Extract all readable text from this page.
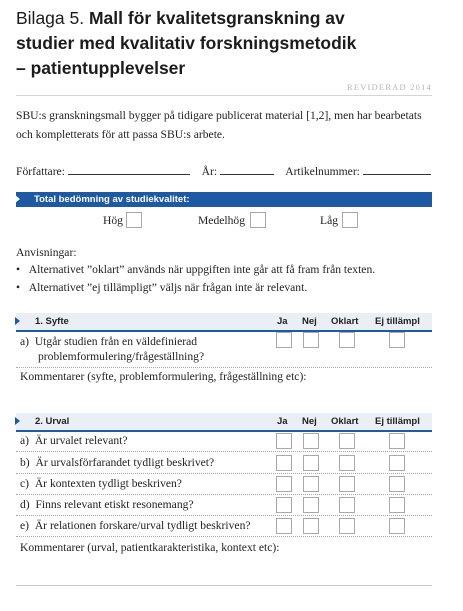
Bilaga 5. Mall för kvalitetsgranskning av
studier med kvalitativ forskningsmetodik
– patientupplevelser
REVIDERAD 2014
SBU:s granskningsmall bygger på tidigare publicerat material [1,2], men har bearbetats och kompletterats för att passa SBU:s arbete.
Författare:	År:	Artikelnummer:
Total bedömning av studiekvalitet:
Hög	Medelhög	Låg
Anvisningar:
•   Alternativet ”oklart” används när uppgiften inte går att få fram från texten.
•   Alternativet ”ej tillämpligt” väljs när frågan inte är relevant.
1. Syfte	Ja Nej Oklart Ej tillämpl
a) Utgår studien från en väldefinierad
problemformulering/frågeställning?
Kommentarer (syfte, problemformulering, frågeställning etc):
2. Urval	Ja Nej Oklart Ej tillämpl
a) Är urvalet relevant?
b) Är urvalsförfarandet tydligt beskrivet?
c) Är kontexten tydligt beskriven?
d) Finns relevant etiskt resonemang?
e) Är relationen forskare/urval tydligt beskriven?
Kommentarer (urval, patientkarakteristika, kontext etc):
